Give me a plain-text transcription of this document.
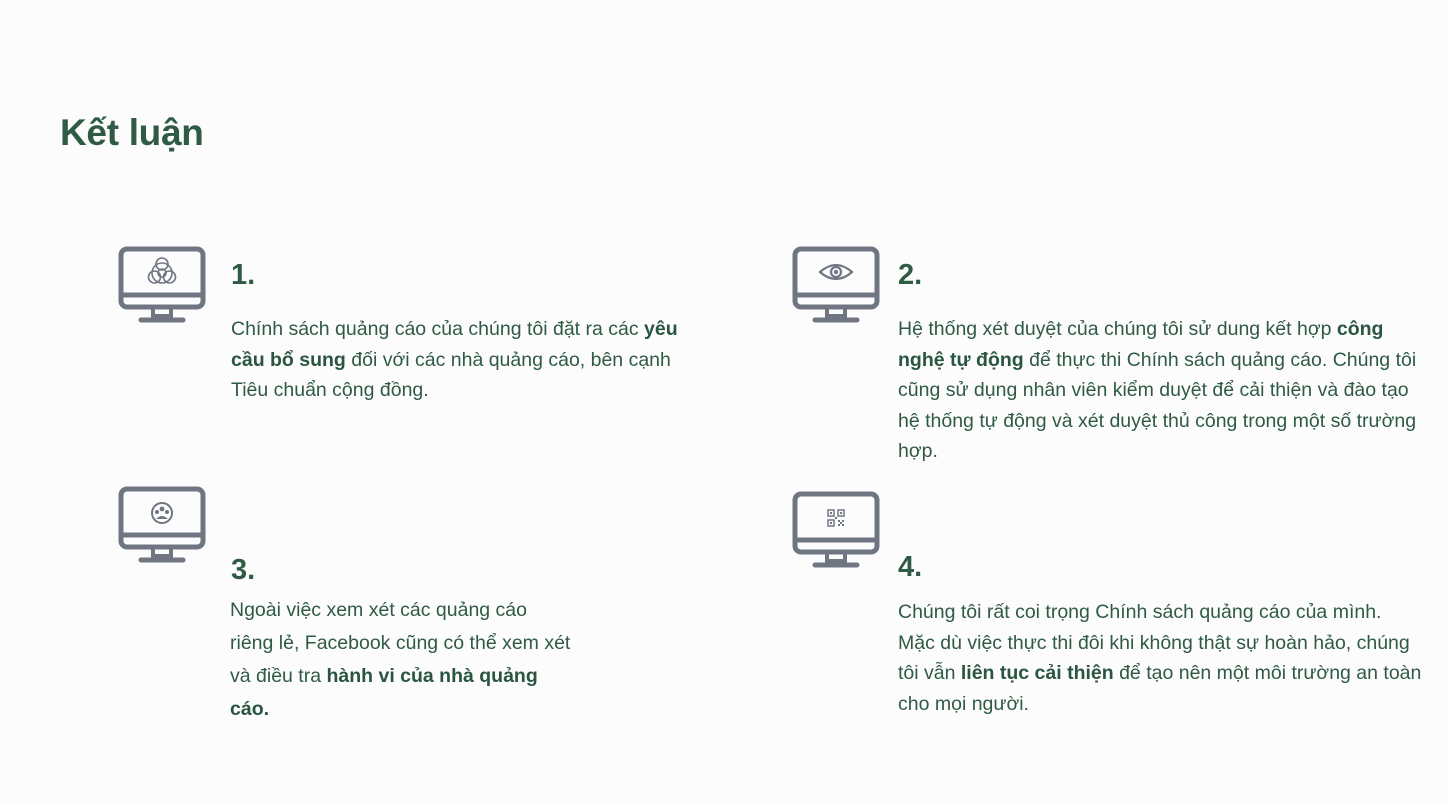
Kết luận
1.

Chính sách quảng cáo của chúng tôi đặt ra các yêu cầu bổ sung đối với các nhà quảng cáo, bên cạnh Tiêu chuẩn cộng đồng.

2.

Hệ thống xét duyệt của chúng tôi sử dung kết hợp công nghệ tự động để thực thi Chính sách quảng cáo. Chúng tôi cũng sử dụng nhân viên kiểm duyệt để cải thiện và đào tạo hệ thống tự động và xét duyệt thủ công trong một số trường hợp.

3.

Ngoài việc xem xét các quảng cáo riêng lẻ, Facebook cũng có thể xem xét và điều tra hành vi của nhà quảng cáo.

4.

Chúng tôi rất coi trọng Chính sách quảng cáo của mình. Mặc dù việc thực thi đôi khi không thật sự hoàn hảo, chúng tôi vẫn liên tục cải thiện để tạo nên một môi trường an toàn cho mọi người.
